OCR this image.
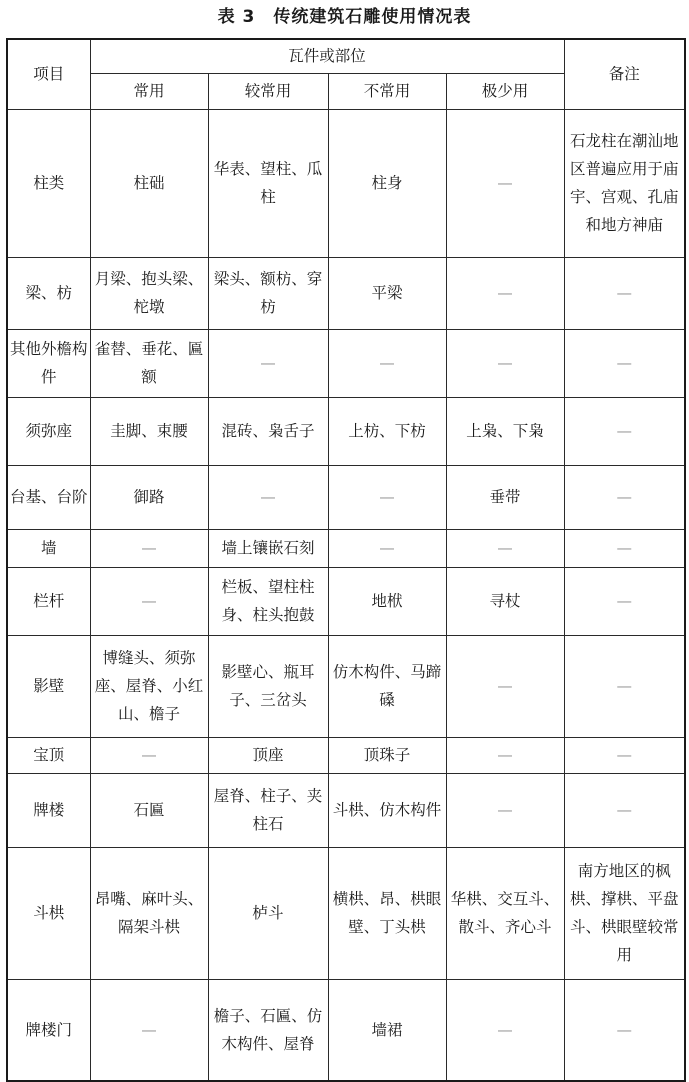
表 3　传统建筑石雕使用情况表
项目	瓦件或部位				备注
	常用	较常用	不常用	极少用	
柱类	柱础	华表、望柱、瓜柱	柱身	—	石龙柱在潮汕地区普遍应用于庙宇、宫观、孔庙和地方神庙
梁、枋	月梁、抱头梁、柁墩	梁头、额枋、穿枋	平梁	—	—
其他外檐构件	雀替、垂花、匾额	—	—	—	—
须弥座	圭脚、束腰	混砖、枭舌子	上枋、下枋	上枭、下枭	—
台基、台阶	御路	—	—	垂带	—
墙	—	墙上镶嵌石刻	—	—	—
栏杆	—	栏板、望柱柱身、柱头抱鼓	地栿	寻杖	—
影壁	博缝头、须弥座、屋脊、小红山、檐子	影壁心、瓶耳子、三岔头	仿木构件、马蹄磉	—	—
宝顶	—	顶座	顶珠子	—	—
牌楼	石匾	屋脊、柱子、夹柱石	斗栱、仿木构件	—	—
斗栱	昂嘴、麻叶头、隔架斗栱	栌斗	横栱、昂、栱眼壁、丁头栱	华栱、交互斗、散斗、齐心斗	南方地区的枫栱、撑栱、平盘斗、栱眼壁较常用
牌楼门	—	檐子、石匾、仿木构件、屋脊	墙裙	—	—
